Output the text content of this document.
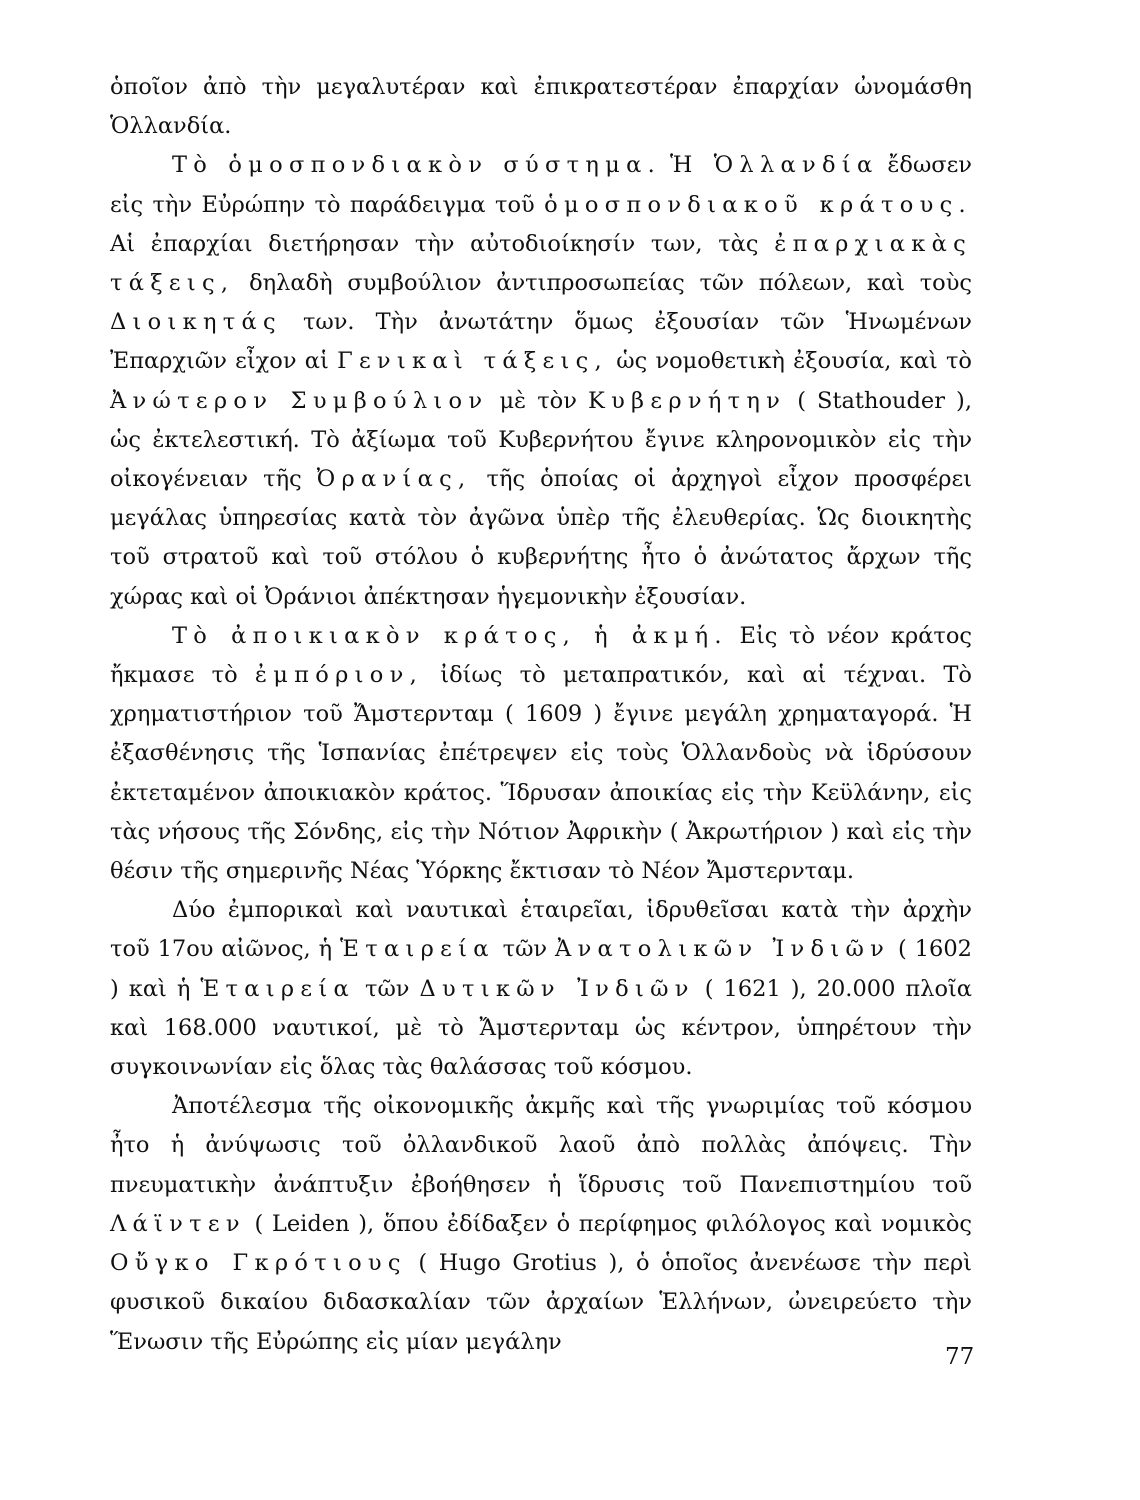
ὁποῖον ἀπὸ τὴν μεγαλυτέραν καὶ ἐπικρατεστέραν ἐπαρχίαν ὠνομάσθη Ὁλλανδία.

Τὸ ὁμοσπονδιακὸν σύστημα. Ἡ Ὁλλανδία ἔδωσεν εἰς τὴν Εὐρώπην τὸ παράδειγμα τοῦ ὁμοσπονδιακοῦ κράτους. Αἱ ἐπαρχίαι διετήρησαν τὴν αὐτοδιοίκησίν των, τὰς ἐπαρχιακὰς τάξεις, δηλαδὴ συμβούλιον ἀντιπροσωπείας τῶν πόλεων, καὶ τοὺς Διοικητάς των. Τὴν ἀνωτάτην ὅμως ἐξουσίαν τῶν Ἡνωμένων Ἐπαρχιῶν εἶχον αἱ Γενικαὶ τάξεις, ὡς νομοθετικὴ ἐξουσία, καὶ τὸ Ἀνώτερον Συμβούλιον μὲ τὸν Κυβερνήτην ( Stathouder ), ὡς ἐκτελεστική. Τὸ ἀξίωμα τοῦ Κυβερνήτου ἔγινε κληρονομικὸν εἰς τὴν οἰκογένειαν τῆς Ὀρανίας, τῆς ὁποίας οἱ ἀρχηγοὶ εἶχον προσφέρει μεγάλας ὑπηρεσίας κατὰ τὸν ἀγῶνα ὑπὲρ τῆς ἐλευθερίας. Ὡς διοικητὴς τοῦ στρατοῦ καὶ τοῦ στόλου ὁ κυβερνήτης ἦτο ὁ ἀνώτατος ἄρχων τῆς χώρας καὶ οἱ Ὀράνιοι ἀπέκτησαν ἡγεμονικὴν ἐξουσίαν.

Τὸ ἀποικιακὸν κράτος, ἡ ἀκμή. Εἰς τὸ νέον κράτος ἤκμασε τὸ ἐμπόριον, ἰδίως τὸ μεταπρατικόν, καὶ αἱ τέχναι. Τὸ χρηματιστήριον τοῦ Ἄμστερνταμ ( 1609 ) ἔγινε μεγάλη χρηματαγορά. Ἡ ἐξασθένησις τῆς Ἱσπανίας ἐπέτρεψεν εἰς τοὺς Ὁλλανδοὺς νὰ ἱδρύσουν ἐκτεταμένον ἀποικιακὸν κράτος. Ἵδρυσαν ἀποικίας εἰς τὴν Κεϋλάνην, εἰς τὰς νήσους τῆς Σόνδης, εἰς τὴν Νότιον Ἀφρικὴν ( Ἀκρωτήριον ) καὶ εἰς τὴν θέσιν τῆς σημερινῆς Νέας Ὑόρκης ἔκτισαν τὸ Νέον Ἄμστερνταμ.

Δύο ἐμπορικαὶ καὶ ναυτικαὶ ἑταιρεῖαι, ἱδρυθεῖσαι κατὰ τὴν ἀρχὴν τοῦ 17ου αἰῶνος, ἡ Ἑταιρεία τῶν Ἀνατολικῶν Ἰνδιῶν ( 1602 ) καὶ ἡ Ἑταιρεία τῶν Δυτικῶν Ἰνδιῶν ( 1621 ), 20.000 πλοῖα καὶ 168.000 ναυτικοί, μὲ τὸ Ἄμστερνταμ ὡς κέντρον, ὑπηρέτουν τὴν συγκοινωνίαν εἰς ὅλας τὰς θαλάσσας τοῦ κόσμου.

Ἀποτέλεσμα τῆς οἰκονομικῆς ἀκμῆς καὶ τῆς γνωριμίας τοῦ κόσμου ἦτο ἡ ἀνύψωσις τοῦ ὀλλανδικοῦ λαοῦ ἀπὸ πολλὰς ἀπόψεις. Τὴν πνευματικὴν ἀνάπτυξιν ἐβοήθησεν ἡ ἵδρυσις τοῦ Πανεπιστημίου τοῦ Λάϊντεν ( Leiden ), ὅπου ἐδίδαξεν ὁ περίφημος φιλόλογος καὶ νομικὸς Οὔγκο Γκρότιους ( Hugo Grotius ), ὁ ὁποῖος ἀνενέωσε τὴν περὶ φυσικοῦ δικαίου διδασκαλίαν τῶν ἀρχαίων Ἑλλήνων, ὠνειρεύετο τὴν Ἕνωσιν τῆς Εὐρώπης εἰς μίαν μεγάλην

77
